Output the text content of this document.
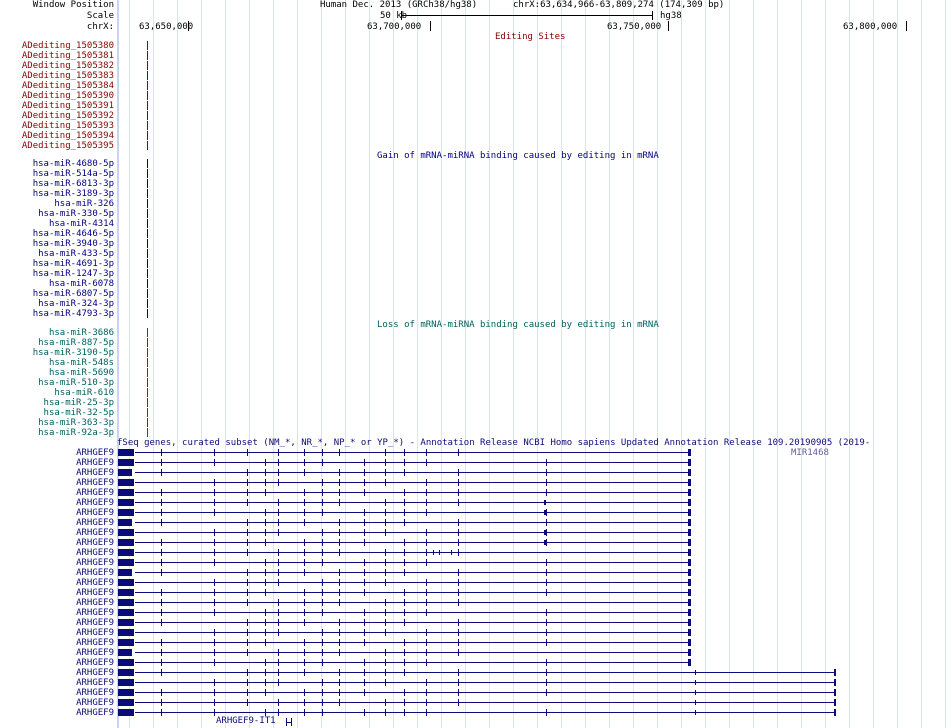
Window Position
Scale
chrX:
ADediting_1505380
ADediting_1505381
ADediting_1505382
ADediting_1505383
ADediting_1505384
ADediting_1505390
ADediting_1505391
ADediting_1505392
ADediting_1505393
ADediting_1505394
ADediting_1505395
hsa-miR-4680-5p
hsa-miR-514a-5p
hsa-miR-6813-3p
hsa-miR-3189-3p
hsa-miR-326
hsa-miR-330-5p
hsa-miR-4314
hsa-miR-4646-5p
hsa-miR-3940-3p
hsa-miR-433-5p
hsa-miR-4691-3p
hsa-miR-1247-3p
hsa-miR-6078
hsa-miR-6807-5p
hsa-miR-324-3p
hsa-miR-4793-3p
hsa-miR-3686
hsa-miR-887-5p
hsa-miR-3190-5p
hsa-miR-548s
hsa-miR-5690
hsa-miR-510-3p
hsa-miR-610
hsa-miR-25-3p
hsa-miR-32-5p
hsa-miR-363-3p
hsa-miR-92a-3p
ARHGEF9
ARHGEF9
ARHGEF9
ARHGEF9
ARHGEF9
ARHGEF9
ARHGEF9
ARHGEF9
ARHGEF9
ARHGEF9
ARHGEF9
ARHGEF9
ARHGEF9
ARHGEF9
ARHGEF9
ARHGEF9
ARHGEF9
ARHGEF9
ARHGEF9
ARHGEF9
ARHGEF9
ARHGEF9
ARHGEF9
ARHGEF9
ARHGEF9
ARHGEF9
ARHGEF9
Human Dec. 2013 (GRCh38/hg38)	chrX:63,634,966-63,809,274 (174,309 bp)
50 kb	hg38
63,650,000	63,700,000	63,750,000	63,800,000
Editing Sites
Gain of mRNA-miRNA binding caused by editing in mRNA
Loss of mRNA-miRNA binding caused by editing in mRNA
fSeq genes, curated subset (NM_*, NR_*, NP_* or YP_*) - Annotation Release NCBI Homo sapiens Updated Annotation Release 109.20190905 (2019-
MIR1468
ARHGEF9-IT1
